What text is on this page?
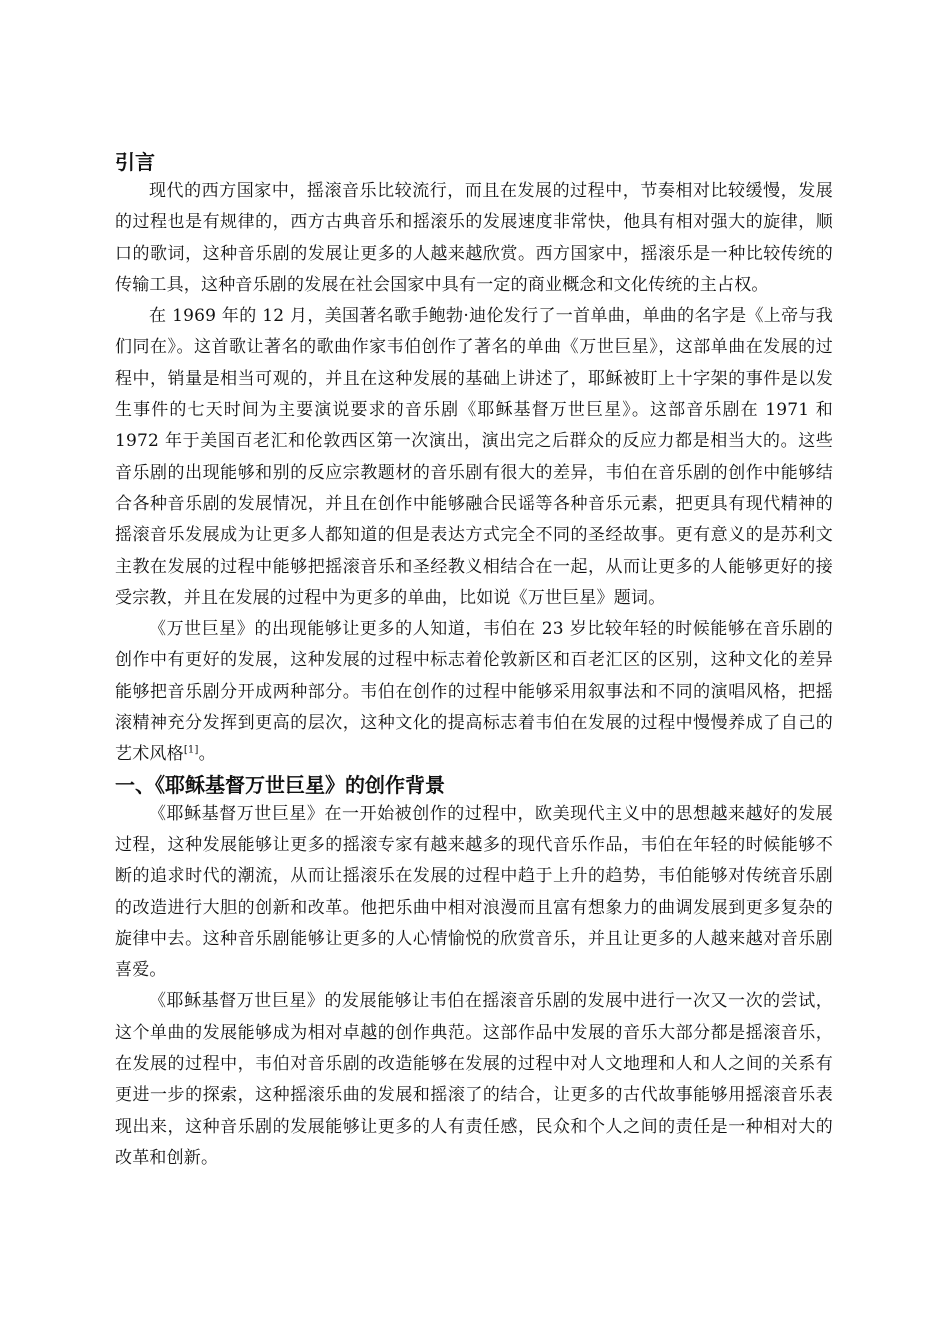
引言

现代的西方国家中，摇滚音乐比较流行，而且在发展的过程中，节奏相对比较缓慢，发展的过程也是有规律的，西方古典音乐和摇滚乐的发展速度非常快，他具有相对强大的旋律，顺口的歌词，这种音乐剧的发展让更多的人越来越欣赏。西方国家中，摇滚乐是一种比较传统的传输工具，这种音乐剧的发展在社会国家中具有一定的商业概念和文化传统的主占权。

在 1969 年的 12 月，美国著名歌手鲍勃·迪伦发行了一首单曲，单曲的名字是《上帝与我们同在》。这首歌让著名的歌曲作家韦伯创作了著名的单曲《万世巨星》，这部单曲在发展的过程中，销量是相当可观的，并且在这种发展的基础上讲述了，耶稣被盯上十字架的事件是以发生事件的七天时间为主要演说要求的音乐剧《耶稣基督万世巨星》。这部音乐剧在 1971 和 1972 年于美国百老汇和伦敦西区第一次演出，演出完之后群众的反应力都是相当大的。这些音乐剧的出现能够和别的反应宗教题材的音乐剧有很大的差异，韦伯在音乐剧的创作中能够结合各种音乐剧的发展情况，并且在创作中能够融合民谣等各种音乐元素，把更具有现代精神的摇滚音乐发展成为让更多人都知道的但是表达方式完全不同的圣经故事。更有意义的是苏利文主教在发展的过程中能够把摇滚音乐和圣经教义相结合在一起，从而让更多的人能够更好的接受宗教，并且在发展的过程中为更多的单曲，比如说《万世巨星》题词。

《万世巨星》的出现能够让更多的人知道，韦伯在 23 岁比较年轻的时候能够在音乐剧的创作中有更好的发展，这种发展的过程中标志着伦敦新区和百老汇区的区别，这种文化的差异能够把音乐剧分开成两种部分。韦伯在创作的过程中能够采用叙事法和不同的演唱风格，把摇滚精神充分发挥到更高的层次，这种文化的提高标志着韦伯在发展的过程中慢慢养成了自己的艺术风格[1]。

一、《耶稣基督万世巨星》的创作背景

《耶稣基督万世巨星》在一开始被创作的过程中，欧美现代主义中的思想越来越好的发展过程，这种发展能够让更多的摇滚专家有越来越多的现代音乐作品，韦伯在年轻的时候能够不断的追求时代的潮流，从而让摇滚乐在发展的过程中趋于上升的趋势，韦伯能够对传统音乐剧的改造进行大胆的创新和改革。他把乐曲中相对浪漫而且富有想象力的曲调发展到更多复杂的旋律中去。这种音乐剧能够让更多的人心情愉悦的欣赏音乐，并且让更多的人越来越对音乐剧喜爱。

《耶稣基督万世巨星》的发展能够让韦伯在摇滚音乐剧的发展中进行一次又一次的尝试，这个单曲的发展能够成为相对卓越的创作典范。这部作品中发展的音乐大部分都是摇滚音乐，在发展的过程中，韦伯对音乐剧的改造能够在发展的过程中对人文地理和人和人之间的关系有更进一步的探索，这种摇滚乐曲的发展和摇滚了的结合，让更多的古代故事能够用摇滚音乐表现出来，这种音乐剧的发展能够让更多的人有责任感，民众和个人之间的责任是一种相对大的改革和创新。
